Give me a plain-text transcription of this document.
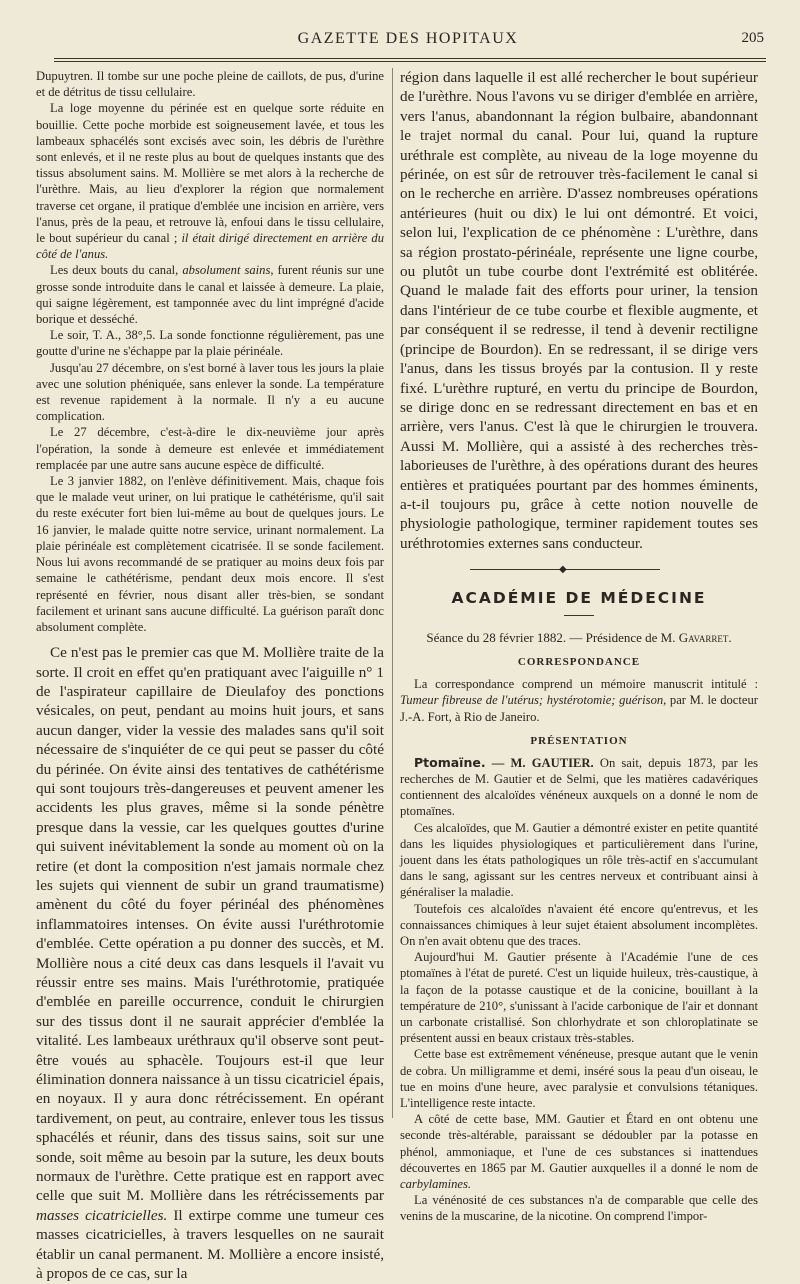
GAZETTE DES HOPITAUX	205

Dupuytren. Il tombe sur une poche pleine de caillots, de pus, d'urine et de détritus de tissu cellulaire.

La loge moyenne du périnée est en quelque sorte réduite en bouillie. Cette poche morbide est soigneusement lavée, et tous les lambeaux sphacélés sont excisés avec soin, les débris de l'urèthre sont enlevés, et il ne reste plus au bout de quelques instants que des tissus absolument sains. M. Mollière se met alors à la recherche de l'urèthre. Mais, au lieu d'explorer la région que normalement traverse cet organe, il pratique d'emblée une incision en arrière, vers l'anus, près de la peau, et retrouve là, enfoui dans le tissu cellulaire, le bout supérieur du canal ; il était dirigé directement en arrière du côté de l'anus.

Les deux bouts du canal, absolument sains, furent réunis sur une grosse sonde introduite dans le canal et laissée à demeure. La plaie, qui saigne légèrement, est tamponnée avec du lint imprégné d'acide borique et desséché.

Le soir, T. A., 38°,5. La sonde fonctionne régulièrement, pas une goutte d'urine ne s'échappe par la plaie périnéale.

Jusqu'au 27 décembre, on s'est borné à laver tous les jours la plaie avec une solution phéniquée, sans enlever la sonde. La température est revenue rapidement à la normale. Il n'y a eu aucune complication.

Le 27 décembre, c'est-à-dire le dix-neuvième jour après l'opération, la sonde à demeure est enlevée et immédiatement remplacée par une autre sans aucune espèce de difficulté.

Le 3 janvier 1882, on l'enlève définitivement. Mais, chaque fois que le malade veut uriner, on lui pratique le cathétérisme, qu'il sait du reste exécuter fort bien lui-même au bout de quelques jours. Le 16 janvier, le malade quitte notre service, urinant normalement. La plaie périnéale est complètement cicatrisée. Il se sonde facilement. Nous lui avons recommandé de se pratiquer au moins deux fois par semaine le cathétérisme, pendant deux mois encore. Il s'est représenté en février, nous disant aller très-bien, se sondant facilement et urinant sans aucune difficulté. La guérison paraît donc absolument complète.

Ce n'est pas le premier cas que M. Mollière traite de la sorte. Il croit en effet qu'en pratiquant avec l'aiguille n° 1 de l'aspirateur capillaire de Dieulafoy des ponctions vésicales, on peut, pendant au moins huit jours, et sans aucun danger, vider la vessie des malades sans qu'il soit nécessaire de s'inquiéter de ce qui peut se passer du côté du périnée. On évite ainsi des tentatives de cathétérisme qui sont toujours très-dangereuses et peuvent amener les accidents les plus graves, même si la sonde pénètre presque dans la vessie, car les quelques gouttes d'urine qui suivent inévitablement la sonde au moment où on la retire (et dont la composition n'est jamais normale chez les sujets qui viennent de subir un grand traumatisme) amènent du côté du foyer périnéal des phénomènes inflammatoires intenses. On évite aussi l'uréthrotomie d'emblée. Cette opération a pu donner des succès, et M. Mollière nous a cité deux cas dans lesquels il l'avait vu réussir entre ses mains. Mais l'uréthrotomie, pratiquée d'emblée en pareille occurrence, conduit le chirurgien sur des tissus dont il ne saurait apprécier d'emblée la vitalité. Les lambeaux uréthraux qu'il observe sont peut-être voués au sphacèle. Toujours est-il que leur élimination donnera naissance à un tissu cicatriciel épais, en noyaux. Il y aura donc rétrécissement. En opérant tardivement, on peut, au contraire, enlever tous les tissus sphacélés et réunir, dans des tissus sains, soit sur une sonde, soit même au besoin par la suture, les deux bouts normaux de l'urèthre. Cette pratique est en rapport avec celle que suit M. Mollière dans les rétrécissements par masses cicatricielles. Il extirpe comme une tumeur ces masses cicatricielles, à travers lesquelles on ne saurait établir un canal permanent. M. Mollière a encore insisté, à propos de ce cas, sur la

région dans laquelle il est allé rechercher le bout supérieur de l'urèthre. Nous l'avons vu se diriger d'emblée en arrière, vers l'anus, abandonnant la région bulbaire, abandonnant le trajet normal du canal. Pour lui, quand la rupture uréthrale est complète, au niveau de la loge moyenne du périnée, on est sûr de retrouver très-facilement le canal si on le recherche en arrière. D'assez nombreuses opérations antérieures (huit ou dix) le lui ont démontré. Et voici, selon lui, l'explication de ce phénomène : L'urèthre, dans sa région prostato-périnéale, représente une ligne courbe, ou plutôt un tube courbe dont l'extrémité est oblitérée. Quand le malade fait des efforts pour uriner, la tension dans l'intérieur de ce tube courbe et flexible augmente, et par conséquent il se redresse, il tend à devenir rectiligne (principe de Bourdon). En se redressant, il se dirige vers l'anus, dans les tissus broyés par la contusion. Il y reste fixé. L'urèthre rupturé, en vertu du principe de Bourdon, se dirige donc en se redressant directement en bas et en arrière, vers l'anus. C'est là que le chirurgien le trouvera. Aussi M. Mollière, qui a assisté à des recherches très-laborieuses de l'urèthre, à des opérations durant des heures entières et pratiquées pourtant par des hommes éminents, a-t-il toujours pu, grâce à cette notion nouvelle de physiologie pathologique, terminer rapidement toutes ses uréthrotomies externes sans conducteur.

◆
ACADÉMIE DE MÉDECINE
Séance du 28 février 1882. — Présidence de M. Gavarret.
CORRESPONDANCE

La correspondance comprend un mémoire manuscrit intitulé : Tumeur fibreuse de l'utérus; hystérotomie; guérison, par M. le docteur J.-A. Fort, à Rio de Janeiro.

PRÉSENTATION

Ptomaïne. — M. GAUTIER. On sait, depuis 1873, par les recherches de M. Gautier et de Selmi, que les matières cadavériques contiennent des alcaloïdes vénéneux auxquels on a donné le nom de ptomaïnes.

Ces alcaloïdes, que M. Gautier a démontré exister en petite quantité dans les liquides physiologiques et particulièrement dans l'urine, jouent dans les états pathologiques un rôle très-actif en s'accumulant dans le sang, agissant sur les centres nerveux et contribuant ainsi à généraliser la maladie.

Toutefois ces alcaloïdes n'avaient été encore qu'entrevus, et les connaissances chimiques à leur sujet étaient absolument incomplètes. On n'en avait obtenu que des traces.

Aujourd'hui M. Gautier présente à l'Académie l'une de ces ptomaïnes à l'état de pureté. C'est un liquide huileux, très-caustique, à la façon de la potasse caustique et de la conicine, bouillant à la température de 210°, s'unissant à l'acide carbonique de l'air et donnant un carbonate cristallisé. Son chlorhydrate et son chloroplatinate se présentent aussi en beaux cristaux très-stables.

Cette base est extrêmement vénéneuse, presque autant que le venin de cobra. Un milligramme et demi, inséré sous la peau d'un oiseau, le tue en moins d'une heure, avec paralysie et convulsions tétaniques. L'intelligence reste intacte.

A côté de cette base, MM. Gautier et Étard en ont obtenu une seconde très-altérable, paraissant se dédoubler par la potasse en phénol, ammoniaque, et l'une de ces substances si inattendues découvertes en 1865 par M. Gautier auxquelles il a donné le nom de carbylamines.

La vénénosité de ces substances n'a de comparable que celle des venins de la muscarine, de la nicotine. On comprend l'impor-
